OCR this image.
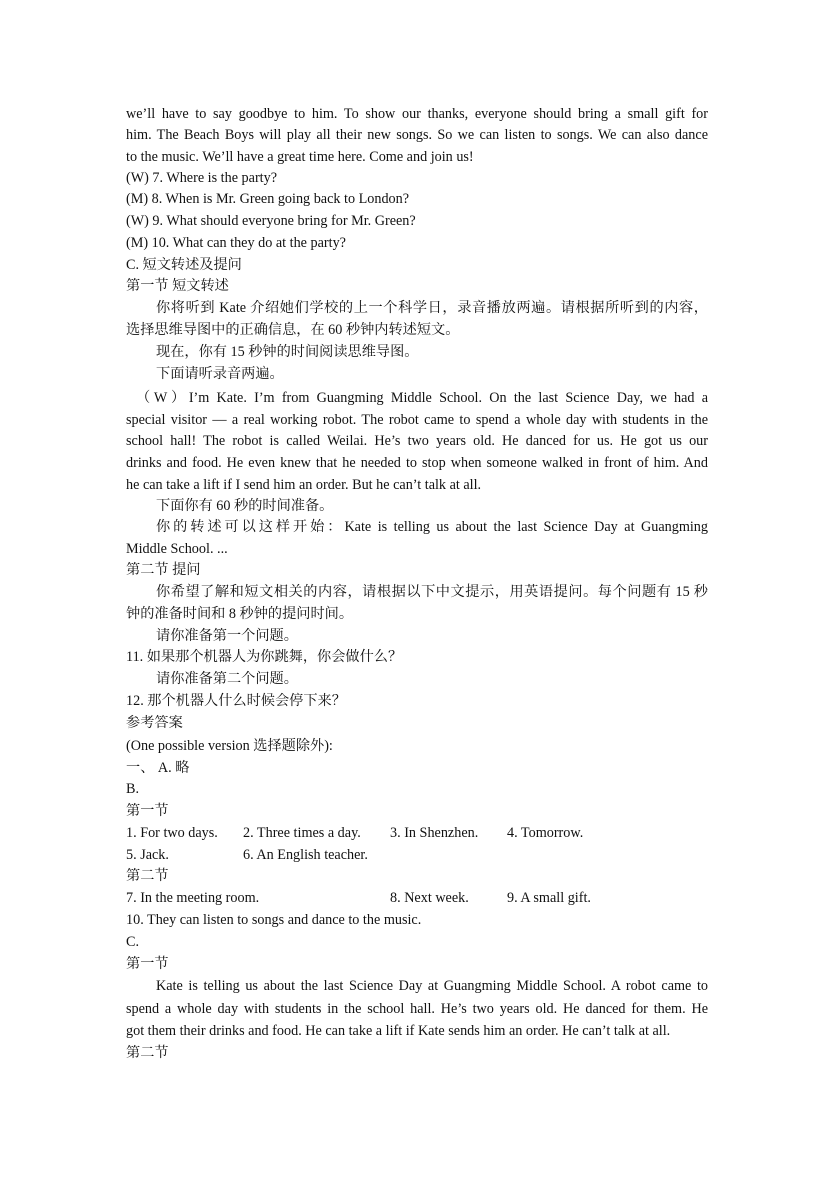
we’ll have to say goodbye to him. To show our thanks, everyone should bring a small gift for
him. The Beach Boys will play all their new songs. So we can listen to songs. We can also dance
to the music. We’ll have a great time here. Come and join us!
(W) 7. Where is the party?
(M) 8. When is Mr. Green going back to London?
(W) 9. What should everyone bring for Mr. Green?
(M) 10. What can they do at the party?
C. 短文转述及提问
第一节 短文转述
你将听到 Kate 介绍她们学校的上一个科学日，录音播放两遍。请根据所听到的内容，
选择思维导图中的正确信息，在 60 秒钟内转述短文。
现在，你有 15 秒钟的时间阅读思维导图。
下面请听录音两遍。
（W）I’m Kate. I’m from Guangming Middle School. On the last Science Day, we had a
special visitor — a real working robot. The robot came to spend a whole day with students in the
school hall! The robot is called Weilai. He’s two years old. He danced for us. He got us our
drinks and food. He even knew that he needed to stop when someone walked in front of him. And
he can take a lift if I send him an order. But he can’t talk at all.
下面你有 60 秒的时间准备。
你的转述可以这样开始：Kate is telling us about the last Science Day at Guangming
Middle School. ...
第二节 提问
你希望了解和短文相关的内容，请根据以下中文提示，用英语提问。每个问题有 15 秒
钟的准备时间和 8 秒钟的提问时间。
请你准备第一个问题。
11. 如果那个机器人为你跳舞，你会做什么？
请你准备第二个问题。
12. 那个机器人什么时候会停下来？
参考答案
(One possible version 选择题除外):
一、 A. 略
B.
第一节
1. For two days. 2. Three times a day. 3. In Shenzhen. 4. Tomorrow.
5. Jack.	6. An English teacher.
第二节
7. In the meeting room.	8. Next week.	9. A small gift.
10. They can listen to songs and dance to the music.
C.
第一节
Kate is telling us about the last Science Day at Guangming Middle School. A robot came to
spend a whole day with students in the school hall. He’s two years old. He danced for them. He
got them their drinks and food. He can take a lift if Kate sends him an order. He can’t talk at all.
第二节
